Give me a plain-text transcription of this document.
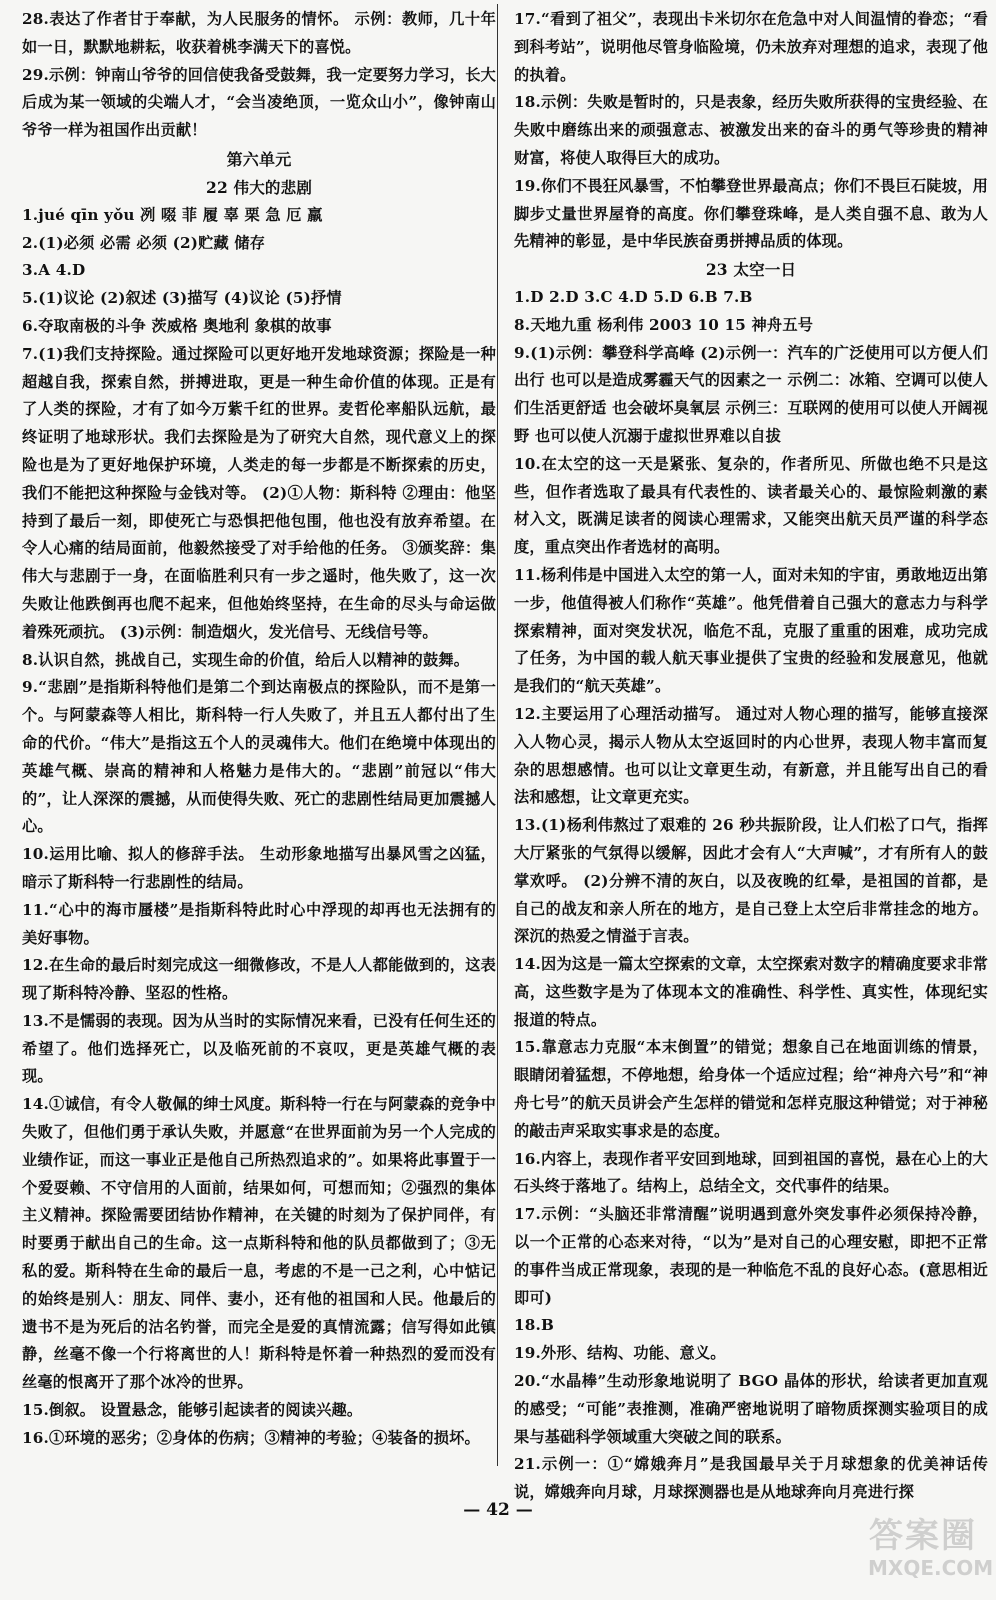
28.表达了作者甘于奉献，为人民服务的情怀。 示例：教师，几十年如一日，默默地耕耘，收获着桃李满天下的喜悦。

29.示例：钟南山爷爷的回信使我备受鼓舞，我一定要努力学习，长大后成为某一领域的尖端人才，“会当凌绝顶，一览众山小”，像钟南山爷爷一样为祖国作出贡献！

第六单元
22 伟大的悲剧

1.jué qīn yǒu 冽 啜 菲 履 辜 栗 急 厄 羸

2.(1)必须 必需 必须 (2)贮藏 储存

3.A 4.D

5.(1)议论 (2)叙述 (3)描写 (4)议论 (5)抒情

6.夺取南极的斗争 茨威格 奥地利 象棋的故事

7.(1)我们支持探险。通过探险可以更好地开发地球资源；探险是一种超越自我，探索自然，拼搏进取，更是一种生命价值的体现。正是有了人类的探险，才有了如今万紫千红的世界。麦哲伦率船队远航，最终证明了地球形状。我们去探险是为了研究大自然，现代意义上的探险也是为了更好地保护环境，人类走的每一步都是不断探索的历史，我们不能把这种探险与金钱对等。 (2)①人物：斯科特 ②理由：他坚持到了最后一刻，即使死亡与恐惧把他包围，他也没有放弃希望。在令人心痛的结局面前，他毅然接受了对手给他的任务。 ③颁奖辞：集伟大与悲剧于一身，在面临胜利只有一步之遥时，他失败了，这一次失败让他跌倒再也爬不起来，但他始终坚持，在生命的尽头与命运做着殊死顽抗。 (3)示例：制造烟火，发光信号、无线信号等。

8.认识自然，挑战自己，实现生命的价值，给后人以精神的鼓舞。

9.“悲剧”是指斯科特他们是第二个到达南极点的探险队，而不是第一个。与阿蒙森等人相比，斯科特一行人失败了，并且五人都付出了生命的代价。“伟大”是指这五个人的灵魂伟大。他们在绝境中体现出的英雄气概、崇高的精神和人格魅力是伟大的。“悲剧”前冠以“伟大的”，让人深深的震撼，从而使得失败、死亡的悲剧性结局更加震撼人心。

10.运用比喻、拟人的修辞手法。 生动形象地描写出暴风雪之凶猛，暗示了斯科特一行悲剧性的结局。

11.“心中的海市蜃楼”是指斯科特此时心中浮现的却再也无法拥有的美好事物。

12.在生命的最后时刻完成这一细微修改，不是人人都能做到的，这表现了斯科特冷静、坚忍的性格。

13.不是懦弱的表现。因为从当时的实际情况来看，已没有任何生还的希望了。他们选择死亡，以及临死前的不哀叹，更是英雄气概的表现。

14.①诚信，有令人敬佩的绅士风度。斯科特一行在与阿蒙森的竞争中失败了，但他们勇于承认失败，并愿意“在世界面前为另一个人完成的业绩作证，而这一事业正是他自己所热烈追求的”。如果将此事置于一个爱耍赖、不守信用的人面前，结果如何，可想而知；②强烈的集体主义精神。探险需要团结协作精神，在关键的时刻为了保护同伴，有时要勇于献出自己的生命。这一点斯科特和他的队员都做到了；③无私的爱。斯科特在生命的最后一息，考虑的不是一己之利，心中惦记的始终是别人：朋友、同伴、妻小，还有他的祖国和人民。他最后的遗书不是为死后的沽名钓誉，而完全是爱的真情流露；信写得如此镇静，丝毫不像一个行将离世的人！斯科特是怀着一种热烈的爱而没有丝毫的恨离开了那个冰冷的世界。

15.倒叙。 设置悬念，能够引起读者的阅读兴趣。

16.①环境的恶劣；②身体的伤病；③精神的考验；④装备的损坏。

17.“看到了祖父”，表现出卡米切尔在危急中对人间温情的眷恋；“看到科考站”，说明他尽管身临险境，仍未放弃对理想的追求，表现了他的执着。

18.示例：失败是暂时的，只是表象，经历失败所获得的宝贵经验、在失败中磨练出来的顽强意志、被激发出来的奋斗的勇气等珍贵的精神财富，将使人取得巨大的成功。

19.你们不畏狂风暴雪，不怕攀登世界最高点；你们不畏巨石陡坡，用脚步丈量世界屋脊的高度。你们攀登珠峰，是人类自强不息、敢为人先精神的彰显，是中华民族奋勇拼搏品质的体现。

23 太空一日

1.D 2.D 3.C 4.D 5.D 6.B 7.B

8.天地九重 杨利伟 2003 10 15 神舟五号

9.(1)示例：攀登科学高峰 (2)示例一：汽车的广泛使用可以方便人们出行 也可以是造成雾霾天气的因素之一 示例二：冰箱、空调可以使人们生活更舒适 也会破坏臭氧层 示例三：互联网的使用可以使人开阔视野 也可以使人沉溺于虚拟世界难以自拔

10.在太空的这一天是紧张、复杂的，作者所见、所做也绝不只是这些，但作者选取了最具有代表性的、读者最关心的、最惊险刺激的素材入文，既满足读者的阅读心理需求，又能突出航天员严谨的科学态度，重点突出作者选材的高明。

11.杨利伟是中国进入太空的第一人，面对未知的宇宙，勇敢地迈出第一步，他值得被人们称作“英雄”。他凭借着自己强大的意志力与科学探索精神，面对突发状况，临危不乱，克服了重重的困难，成功完成了任务，为中国的载人航天事业提供了宝贵的经验和发展意见，他就是我们的“航天英雄”。

12.主要运用了心理活动描写。 通过对人物心理的描写，能够直接深入人物心灵，揭示人物从太空返回时的内心世界，表现人物丰富而复杂的思想感情。也可以让文章更生动，有新意，并且能写出自己的看法和感想，让文章更充实。

13.(1)杨利伟熬过了艰难的 26 秒共振阶段，让人们松了口气，指挥大厅紧张的气氛得以缓解，因此才会有人“大声喊”，才有所有人的鼓掌欢呼。 (2)分辨不清的灰白，以及夜晚的红晕，是祖国的首都，是自己的战友和亲人所在的地方，是自己登上太空后非常挂念的地方。深沉的热爱之情溢于言表。

14.因为这是一篇太空探索的文章，太空探索对数字的精确度要求非常高，这些数字是为了体现本文的准确性、科学性、真实性，体现纪实报道的特点。

15.靠意志力克服“本末倒置”的错觉；想象自己在地面训练的情景，眼睛闭着猛想，不停地想，给身体一个适应过程；给“神舟六号”和“神舟七号”的航天员讲会产生怎样的错觉和怎样克服这种错觉；对于神秘的敲击声采取实事求是的态度。

16.内容上，表现作者平安回到地球，回到祖国的喜悦，悬在心上的大石头终于落地了。结构上，总结全文，交代事件的结果。

17.示例：“头脑还非常清醒”说明遇到意外突发事件必须保持冷静，以一个正常的心态来对待，“以为”是对自己的心理安慰，即把不正常的事件当成正常现象，表现的是一种临危不乱的良好心态。(意思相近即可)

18.B

19.外形、结构、功能、意义。

20.“水晶棒”生动形象地说明了 BGO 晶体的形状，给读者更加直观的感受；“可能”表推测，准确严密地说明了暗物质探测实验项目的成果与基础科学领域重大突破之间的联系。

21.示例一：①“嫦娥奔月”是我国最早关于月球想象的优美神话传说，嫦娥奔向月球，月球探测器也是从地球奔向月亮进行探

— 42 —
答案圈
MXQE.COM
